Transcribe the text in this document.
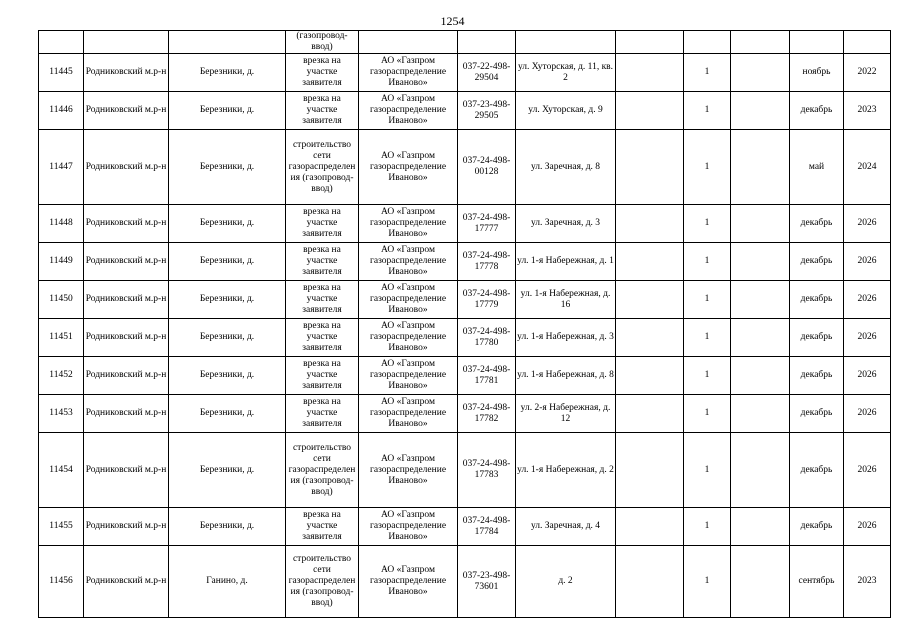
1254
			(газопровод-
ввод)								
11445	Родниковский м.р-н	Березники, д.	врезка на участке заявителя	АО «Газпром газораспределение Иваново»	037-22-498-29504	ул. Хуторская, д. 11, кв. 2		1		ноябрь	2022
11446	Родниковский м.р-н	Березники, д.	врезка на участке заявителя	АО «Газпром газораспределение Иваново»	037-23-498-29505	ул. Хуторская, д. 9		1		декабрь	2023
11447	Родниковский м.р-н	Березники, д.	строительство сети газораспределения (газопровод-ввод)	АО «Газпром газораспределение Иваново»	037-24-498-00128	ул. Заречная, д. 8		1		май	2024
11448	Родниковский м.р-н	Березники, д.	врезка на участке заявителя	АО «Газпром газораспределение Иваново»	037-24-498-17777	ул. Заречная, д. 3		1		декабрь	2026
11449	Родниковский м.р-н	Березники, д.	врезка на участке заявителя	АО «Газпром газораспределение Иваново»	037-24-498-17778	ул. 1-я Набережная, д. 1		1		декабрь	2026
11450	Родниковский м.р-н	Березники, д.	врезка на участке заявителя	АО «Газпром газораспределение Иваново»	037-24-498-17779	ул. 1-я Набережная, д. 16		1		декабрь	2026
11451	Родниковский м.р-н	Березники, д.	врезка на участке заявителя	АО «Газпром газораспределение Иваново»	037-24-498-17780	ул. 1-я Набережная, д. 3		1		декабрь	2026
11452	Родниковский м.р-н	Березники, д.	врезка на участке заявителя	АО «Газпром газораспределение Иваново»	037-24-498-17781	ул. 1-я Набережная, д. 8		1		декабрь	2026
11453	Родниковский м.р-н	Березники, д.	врезка на участке заявителя	АО «Газпром газораспределение Иваново»	037-24-498-17782	ул. 2-я Набережная, д. 12		1		декабрь	2026
11454	Родниковский м.р-н	Березники, д.	строительство сети газораспределения (газопровод-ввод)	АО «Газпром газораспределение Иваново»	037-24-498-17783	ул. 1-я Набережная, д. 2		1		декабрь	2026
11455	Родниковский м.р-н	Березники, д.	врезка на участке заявителя	АО «Газпром газораспределение Иваново»	037-24-498-17784	ул. Заречная, д. 4		1		декабрь	2026
11456	Родниковский м.р-н	Ганино, д.	строительство сети газораспределения (газопровод-ввод)	АО «Газпром газораспределение Иваново»	037-23-498-73601	д. 2		1		сентябрь	2023
